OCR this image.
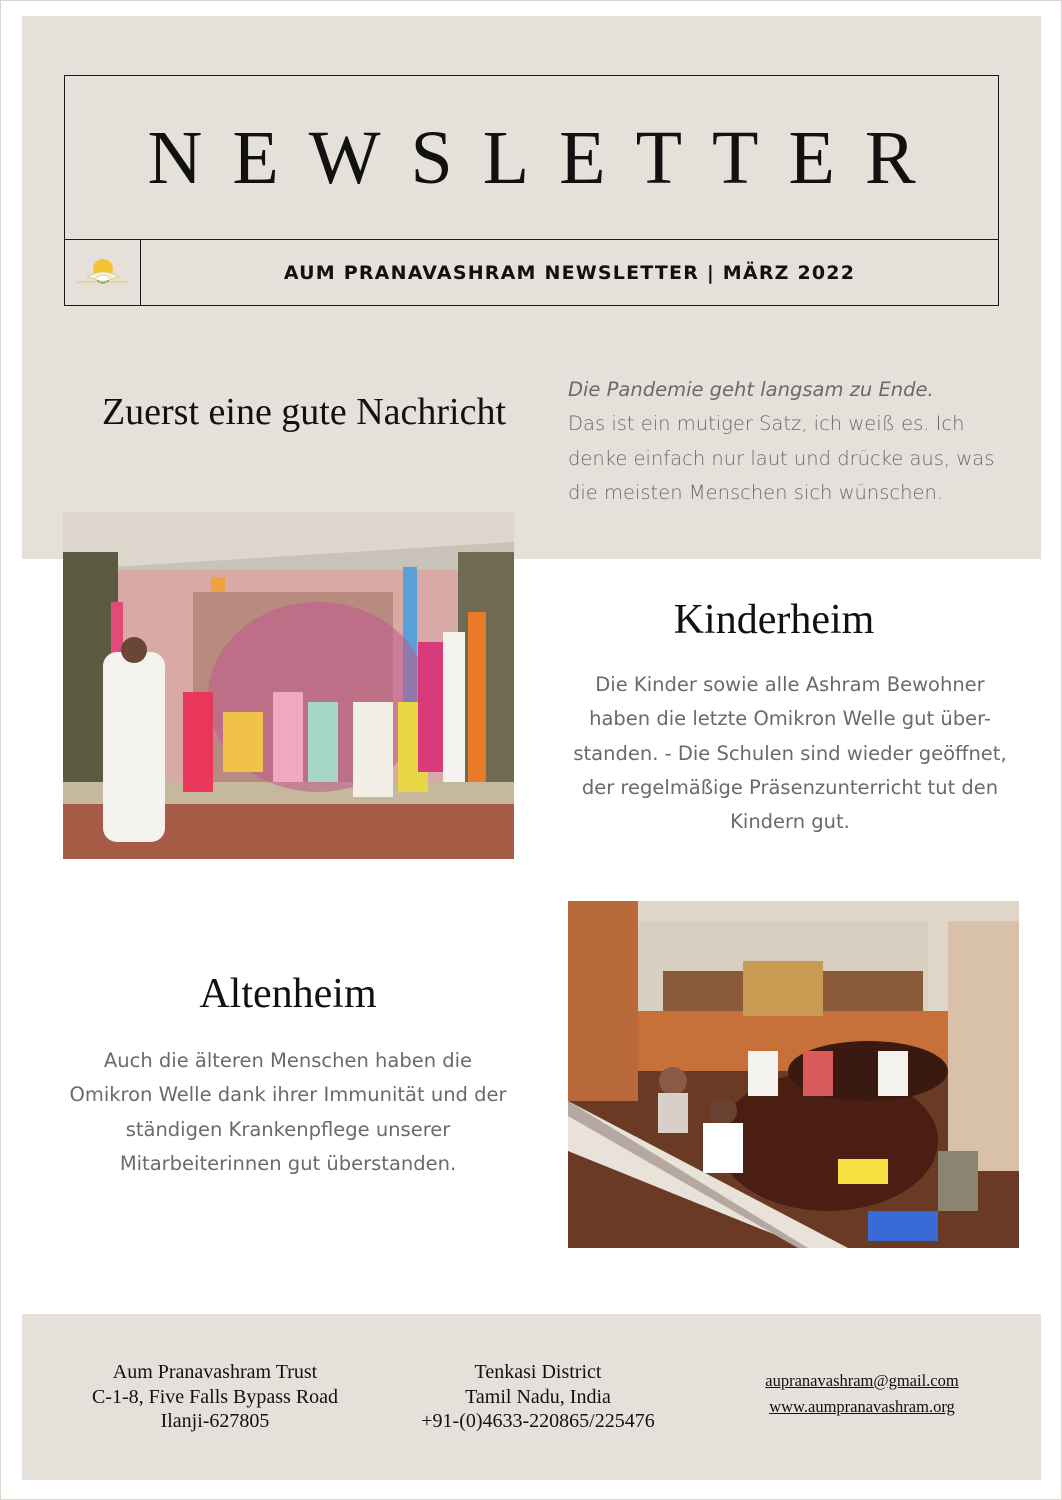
NEWSLETTER
AUM PRANAVASHRAM NEWSLETTER | MÄRZ 2022
Zuerst eine gute Nachricht

Die Pandemie geht langsam zu Ende.
Das ist ein mutiger Satz, ich weiß es. Ich
denke einfach nur laut und drücke aus, was
die meisten Menschen sich wünschen.

Kinderheim

Die Kinder sowie alle Ashram Bewohner
haben die letzte Omikron Welle gut über-
standen. - Die Schulen sind wieder geöffnet,
der regelmäßige Präsenzunterricht tut den
Kindern gut.

Altenheim

Auch die älteren Menschen haben die
Omikron Welle dank ihrer Immunität und der
ständigen Krankenpflege unserer
Mitarbeiterinnen gut überstanden.

Aum Pranavashram Trust
C-1-8, Five Falls Bypass Road
Ilanji-627805
Tenkasi District
Tamil Nadu, India
+91-(0)4633-220865/225476
aupranavashram@gmail.com
www.aumpranavashram.org
